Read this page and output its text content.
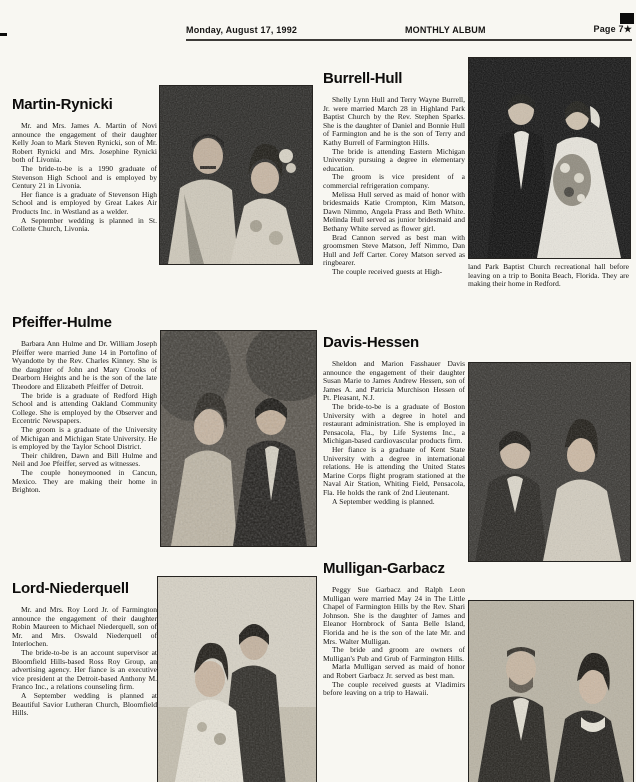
Monday, August 17, 1992	MONTHLY ALBUM	Page 7★
Martin-Rynicki

Mr. and Mrs. James A. Martin of Novi announce the engagement of their daughter Kelly Joan to Mark Steven Rynicki, son of Mr. Robert Rynicki and Mrs. Josephine Rynicki both of Livonia.

The bride-to-be is a 1990 graduate of Stevenson High School and is employed by Century 21 in Livonia.

Her fiance is a graduate of Stevenson High School and is employed by Great Lakes Air Products Inc. in Westland as a welder.

A September wedding is planned in St. Collette Church, Livonia.

Burrell-Hull

Shelly Lynn Hull and Terry Wayne Burrell, Jr. were married March 28 in Highland Park Baptist Church by the Rev. Stephen Sparks. She is the daughter of Daniel and Bonnie Hull of Farmington and he is the son of Terry and Kathy Burrell of Farmington Hills.

The bride is attending Eastern Michigan University pursuing a degree in elementary education.

The groom is vice president of a commercial refrigeration company.

Melissa Hull served as maid of honor with bridesmaids Katie Crompton, Kim Matson, Dawn Nimmo, Angela Prass and Beth White. Melinda Hull served as junior bridesmaid and Bethany White served as flower girl.

Brad Cannon served as best man with groomsmen Steve Matson, Jeff Nimmo, Dan Hull and Jeff Carter. Corey Matson served as ringbearer.

The couple received guests at High-

land Park Baptist Church recreational hall before leaving on a trip to Bonita Beach, Florida. They are making their home in Redford.

Pfeiffer-Hulme

Barbara Ann Hulme and Dr. William Joseph Pfeiffer were married June 14 in Portofino of Wyandotte by the Rev. Charles Kinney. She is the daughter of John and Mary Crooks of Dearborn Heights and he is the son of the late Theodore and Elizabeth Pfeiffer of Detroit.

The bride is a graduate of Redford High School and is attending Oakland Community College. She is employed by the Observer and Eccentric Newspapers.

The groom is a graduate of the University of Michigan and Michigan State University. He is employed by the Taylor School District.

Their children, Dawn and Bill Hulme and Neil and Joe Pfeiffer, served as witnesses.

The couple honeymooned in Cancun, Mexico. They are making their home in Brighton.

Davis-Hessen

Sheldon and Marion Fasshauer Davis announce the engagement of their daughter Susan Marie to James Andrew Hessen, son of James A. and Patricia Murchison Hessen of Pt. Pleasant, N.J.

The bride-to-be is a graduate of Boston University with a degree in hotel and restaurant administration. She is employed in Pensacola, Fla., by Life Systems Inc., a Michigan-based cardiovascular products firm.

Her fiance is a graduate of Kent State University with a degree in international relations. He is attending the United States Marine Corps flight program stationed at the Naval Air Station, Whiting Field, Pensacola, Fla. He holds the rank of 2nd Lieutenant.

A September wedding is planned.

Lord-Niederquell

Mr. and Mrs. Roy Lord Jr. of Farmington announce the engagement of their daughter Robin Maureen to Michael Niederquell, son of Mr. and Mrs. Oswald Niederquell of Interlochen.

The bride-to-be is an account supervisor at Bloomfield Hills-based Ross Roy Group, an advertising agency. Her fiance is an executive vice president at the Detroit-based Anthony M. Franco Inc., a relations counseling firm.

A September wedding is planned at Beautiful Savior Lutheran Church, Bloomfield Hills.

Mulligan-Garbacz

Peggy Sue Garbacz and Ralph Leon Mulligan were married May 24 in The Little Chapel of Farmington Hills by the Rev. Shari Johnson. She is the daughter of James and Eleanor Hornbrock of Santa Belle Island, Florida and he is the son of the late Mr. and Mrs. Walter Mulligan.

The bride and groom are owners of Mulligan's Pub and Grub of Farmington Hills.

Marla Mulligan served as maid of honor and Robert Garbacz Jr. served as best man.

The couple received guests at Vladimirs before leaving on a trip to Hawaii.
